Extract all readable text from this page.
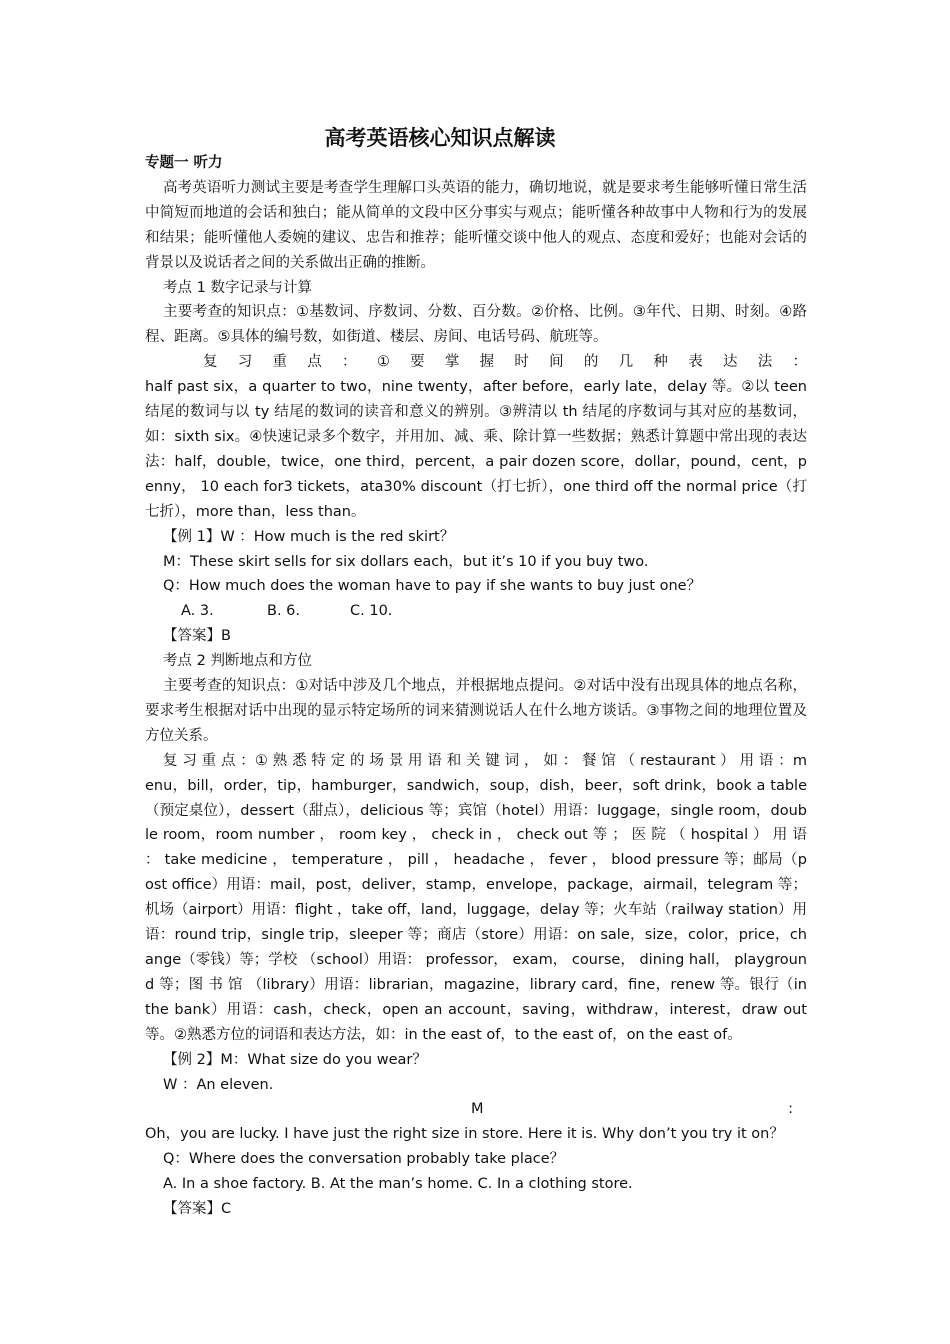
高考英语核心知识点解读

专题一 听力

高考英语听力测试主要是考查学生理解口头英语的能力，确切地说，就是要求考生能够听懂日常生活中简短而地道的会话和独白；能从简单的文段中区分事实与观点；能听懂各种故事中人物和行为的发展和结果；能听懂他人委婉的建议、忠告和推荐；能听懂交谈中他人的观点、态度和爱好；也能对会话的背景以及说话者之间的关系做出正确的推断。

考点 1 数字记录与计算

主要考查的知识点：①基数词、序数词、分数、百分数。②价格、比例。③年代、日期、时刻。④路程、距离。⑤具体的编号数，如街道、楼层、房间、电话号码、航班等。

复 习 重 点 ： ① 要 掌 握 时 间 的 几 种 表 达 法 ：

half past six，a quarter to two，nine twenty，after before，early late，delay 等。②以 teen 结尾的数词与以 ty 结尾的数词的读音和意义的辨别。③辨清以 th 结尾的序数词与其对应的基数词，如：sixth six。④快速记录多个数字，并用加、减、乘、除计算一些数据；熟悉计算题中常出现的表达法：half，double，twice，one third，percent，a pair dozen score，dollar，pound，cent，penny， 10 each for3 tickets，ata30% discount（打七折），one third off the normal price（打七折），more than，less than。

【例 1】W ：How much is the red skirt？

M：These skirt sells for six dollars each，but it’s 10 if you buy two.

Q：How much does the woman have to pay if she wants to buy just one？

A. 3.	B. 6.	C. 10.

【答案】B

考点 2 判断地点和方位

主要考查的知识点：①对话中涉及几个地点，并根据地点提问。②对话中没有出现具体的地点名称，要求考生根据对话中出现的显示特定场所的词来猜测说话人在什么地方谈话。③事物之间的地理位置及方位关系。

复 习 重 点 ：① 熟 悉 特 定 的 场 景 用 语 和 关 键 词 ， 如 ： 餐 馆 （ restaurant ） 用 语 ：menu，bill，order，tip，hamburger，sandwich，soup，dish，beer，soft drink，book a table（预定桌位），dessert（甜点），delicious 等；宾馆（hotel）用语：luggage，single room，double room，room number ， room key ， check in ， check out 等 ； 医 院 （ hospital ） 用 语 ： take medicine ， temperature ， pill ， headache ， fever ， blood pressure 等；邮局（post office）用语：mail，post，deliver，stamp，envelope，package，airmail，telegram 等；机场（airport）用语：flight ，take off，land，luggage，delay 等；火车站（railway station）用语：round trip，single trip，sleeper 等；商店（store）用语：on sale，size，color，price，change（零钱）等；学校 （school）用语： professor， exam， course， dining hall， playground 等；图 书 馆 （library）用语：librarian，magazine，library card，fine，renew 等。银行（in the bank）用语：cash，check，open an account，saving，withdraw，interest，draw out 等。②熟悉方位的词语和表达方法，如：in the east of，to the east of，on the east of。

【例 2】M：What size do you wear？

W ：An eleven.

M :

Oh，you are lucky. I have just the right size in store. Here it is. Why don’t you try it on？

Q：Where does the conversation probably take place？

A. In a shoe factory. B. At the man’s home. C. In a clothing store.

【答案】C
